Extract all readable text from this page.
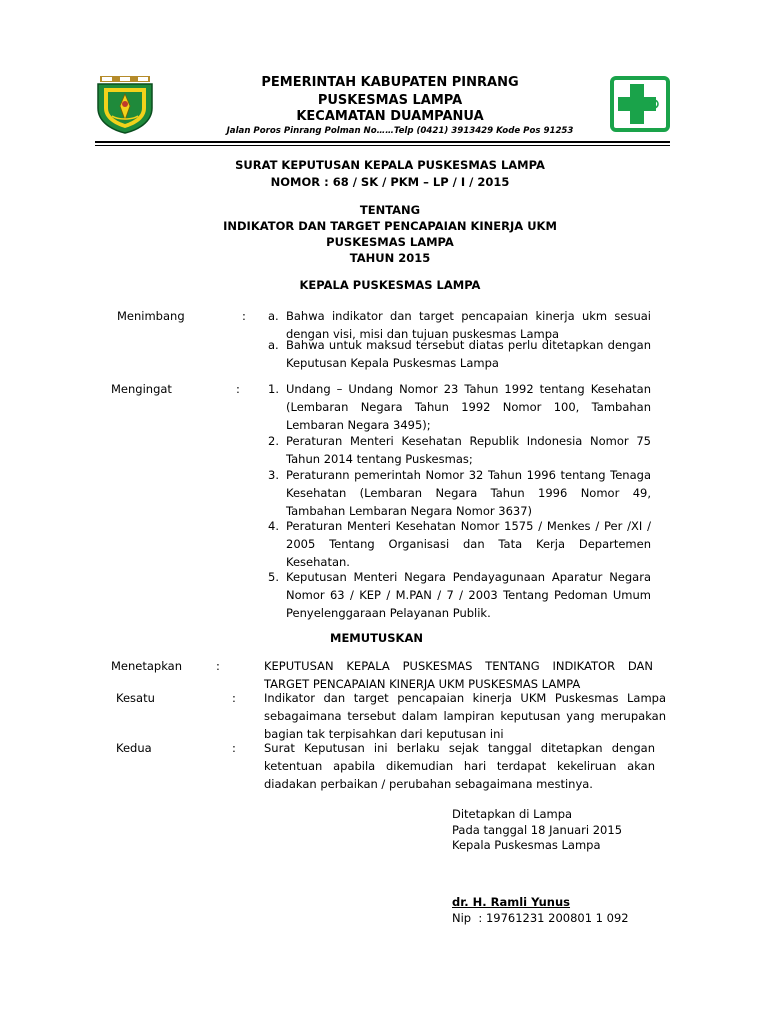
PEMERINTAH KABUPATEN PINRANG
PUSKESMAS LAMPA
KECAMATAN DUAMPANUA
Jalan Poros Pinrang Polman No……Telp (0421) 3913429 Kode Pos 91253
SURAT KEPUTUSAN KEPALA PUSKESMAS LAMPA
NOMOR : 68 / SK / PKM – LP / I / 2015
TENTANG
INDIKATOR DAN TARGET PENCAPAIAN KINERJA UKM
PUSKESMAS LAMPA
TAHUN 2015
KEPALA PUSKESMAS LAMPA
Menimbang	: a. Bahwa indikator dan target pencapaian kinerja ukm sesuai dengan visi, misi dan tujuan puskesmas Lampa
a. Bahwa untuk maksud tersebut diatas perlu ditetapkan dengan Keputusan Kepala Puskesmas Lampa
Mengingat	: 1. Undang – Undang Nomor 23 Tahun 1992 tentang Kesehatan (Lembaran Negara Tahun 1992 Nomor 100, Tambahan Lembaran Negara 3495);
2. Peraturan Menteri Kesehatan Republik Indonesia Nomor 75 Tahun 2014 tentang Puskesmas;
3. Peraturann pemerintah Nomor 32 Tahun 1996 tentang Tenaga Kesehatan (Lembaran Negara Tahun 1996 Nomor 49, Tambahan Lembaran Negara Nomor 3637)
4. Peraturan Menteri Kesehatan Nomor 1575 / Menkes / Per /XI / 2005 Tentang Organisasi dan Tata Kerja Departemen Kesehatan.
5. Keputusan Menteri Negara Pendayagunaan Aparatur Negara Nomor 63 / KEP / M.PAN / 7 / 2003 Tentang Pedoman Umum Penyelenggaraan Pelayanan Publik.
MEMUTUSKAN
Menetapkan	:	KEPUTUSAN KEPALA PUSKESMAS TENTANG INDIKATOR DAN TARGET PENCAPAIAN KINERJA UKM PUSKESMAS LAMPA
Kesatu	: Indikator dan target pencapaian kinerja UKM Puskesmas Lampa sebagaimana tersebut dalam lampiran keputusan yang merupakan bagian tak terpisahkan dari keputusan ini
Kedua	: Surat Keputusan ini berlaku sejak tanggal ditetapkan dengan ketentuan apabila dikemudian hari terdapat kekeliruan akan diadakan perbaikan / perubahan sebagaimana mestinya.
Ditetapkan di Lampa
Pada tanggal 18 Januari 2015
Kepala Puskesmas Lampa
dr. H. Ramli Yunus
Nip  : 19761231 200801 1 092
